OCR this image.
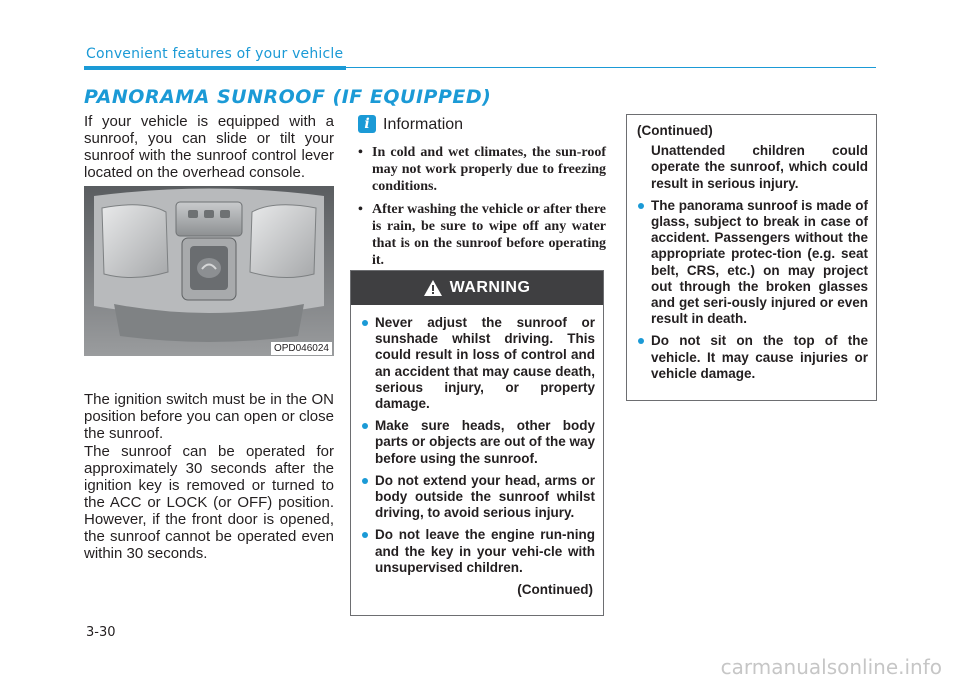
Convenient features of your vehicle
PANORAMA SUNROOF (IF EQUIPPED)

If your vehicle is equipped with a sunroof, you can slide or tilt your sunroof with the sunroof control lever located on the overhead console.

OPD046024

The ignition switch must be in the ON position before you can open or close the sunroof.

The sunroof can be operated for approximately 30 seconds after the ignition key is removed or turned to the ACC or LOCK (or OFF) position. However, if the front door is opened, the sunroof cannot be operated even within 30 seconds.

i Information
• In cold and wet climates, the sun-roof may not work properly due to freezing conditions.
• After washing the vehicle or after there is rain, be sure to wipe off any water that is on the sunroof before operating it.
WARNING
Never adjust the sunroof or sunshade whilst driving. This could result in loss of control and an accident that may cause death, serious injury, or property damage.
Make sure heads, other body parts or objects are out of the way before using the sunroof.
Do not extend your head, arms or body outside the sunroof whilst driving, to avoid serious injury.
Do not leave the engine run-ning and the key in your vehi-cle with unsupervised children.
(Continued)
(Continued)
Unattended children could operate the sunroof, which could result in serious injury.
The panorama sunroof is made of glass, subject to break in case of accident. Passengers without the appropriate protec-tion (e.g. seat belt, CRS, etc.) on may project out through the broken glasses and get seri-ously injured or even result in death.
Do not sit on the top of the vehicle. It may cause injuries or vehicle damage.
3-30
carmanualsonline.info
